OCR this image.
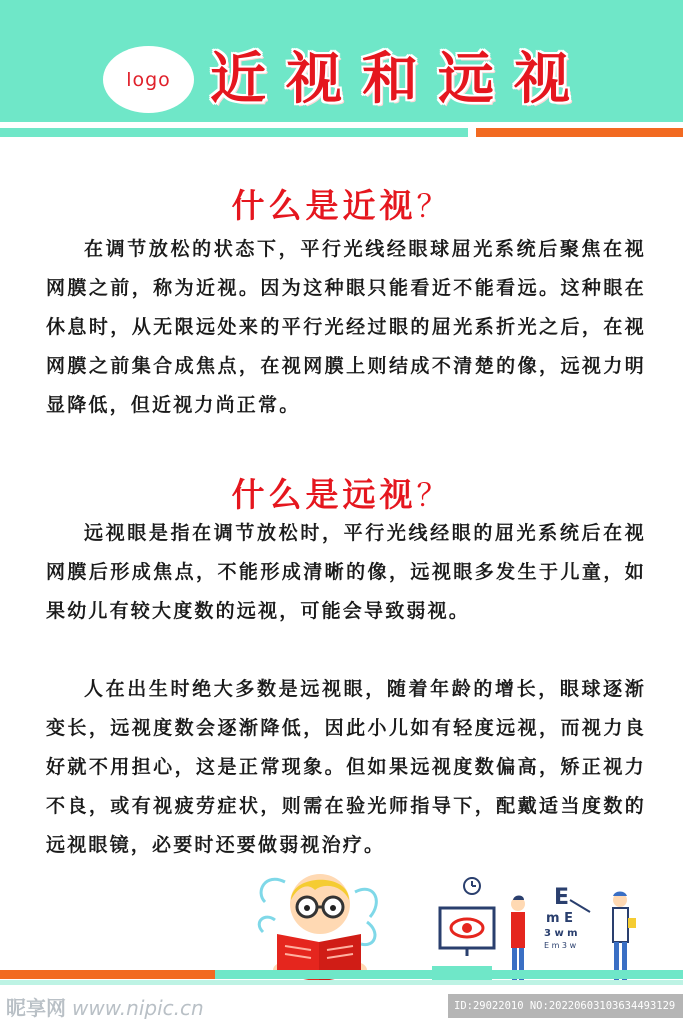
logo 近视和远视
什么是近视？

在调节放松的状态下，平行光线经眼球屈光系统后聚焦在视网膜之前，称为近视。因为这种眼只能看近不能看远。这种眼在休息时，从无限远处来的平行光经过眼的屈光系折光之后，在视网膜之前集合成焦点，在视网膜上则结成不清楚的像，远视力明显降低，但近视力尚正常。

什么是远视？

远视眼是指在调节放松时，平行光线经眼的屈光系统后在视网膜后形成焦点，不能形成清晰的像，远视眼多发生于儿童，如果幼儿有较大度数的远视，可能会导致弱视。

人在出生时绝大多数是远视眼，随着年龄的增长，眼球逐渐变长，远视度数会逐渐降低，因此小儿如有轻度远视，而视力良好就不用担心，这是正常现象。但如果远视度数偏高，矫正视力不良，或有视疲劳症状，则需在验光师指导下，配戴适当度数的远视眼镜，必要时还要做弱视治疗。

E
m E
3 w m
E m 3 w
昵享网 www.nipic.cn	ID:29022010 NO:20220603103634493129
